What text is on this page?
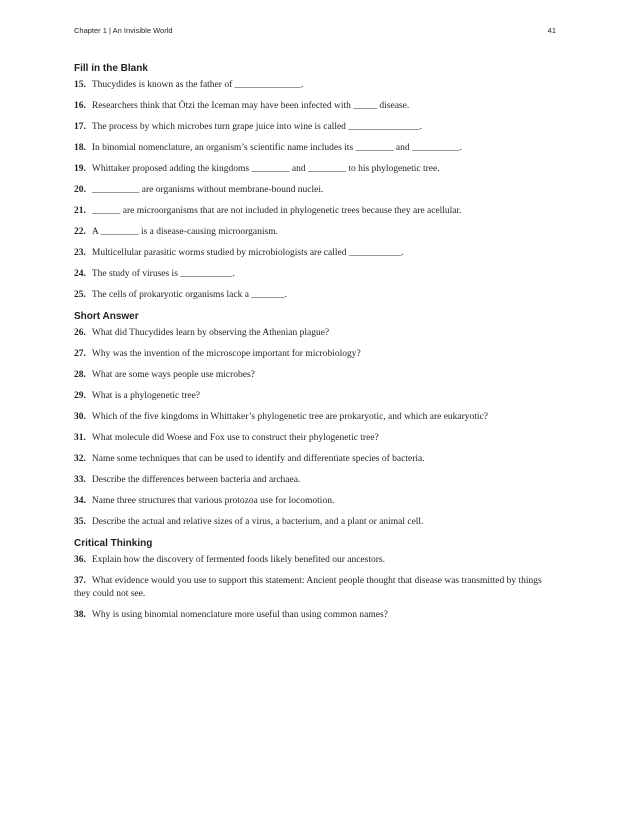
Chapter 1 | An Invisible World	41
Fill in the Blank
15. Thucydides is known as the father of ______________.
16. Researchers think that Ötzi the Iceman may have been infected with _____ disease.
17. The process by which microbes turn grape juice into wine is called _______________.
18. In binomial nomenclature, an organism’s scientific name includes its ________ and __________.
19. Whittaker proposed adding the kingdoms ________ and ________ to his phylogenetic tree.
20. __________ are organisms without membrane-bound nuclei.
21. ______ are microorganisms that are not included in phylogenetic trees because they are acellular.
22. A ________ is a disease-causing microorganism.
23. Multicellular parasitic worms studied by microbiologists are called ___________.
24. The study of viruses is ___________.
25. The cells of prokaryotic organisms lack a _______.
Short Answer
26. What did Thucydides learn by observing the Athenian plague?
27. Why was the invention of the microscope important for microbiology?
28. What are some ways people use microbes?
29. What is a phylogenetic tree?
30. Which of the five kingdoms in Whittaker’s phylogenetic tree are prokaryotic, and which are eukaryotic?
31. What molecule did Woese and Fox use to construct their phylogenetic tree?
32. Name some techniques that can be used to identify and differentiate species of bacteria.
33. Describe the differences between bacteria and archaea.
34. Name three structures that various protozoa use for locomotion.
35. Describe the actual and relative sizes of a virus, a bacterium, and a plant or animal cell.
Critical Thinking
36. Explain how the discovery of fermented foods likely benefited our ancestors.
37. What evidence would you use to support this statement: Ancient people thought that disease was transmitted by things they could not see.
38. Why is using binomial nomenclature more useful than using common names?
